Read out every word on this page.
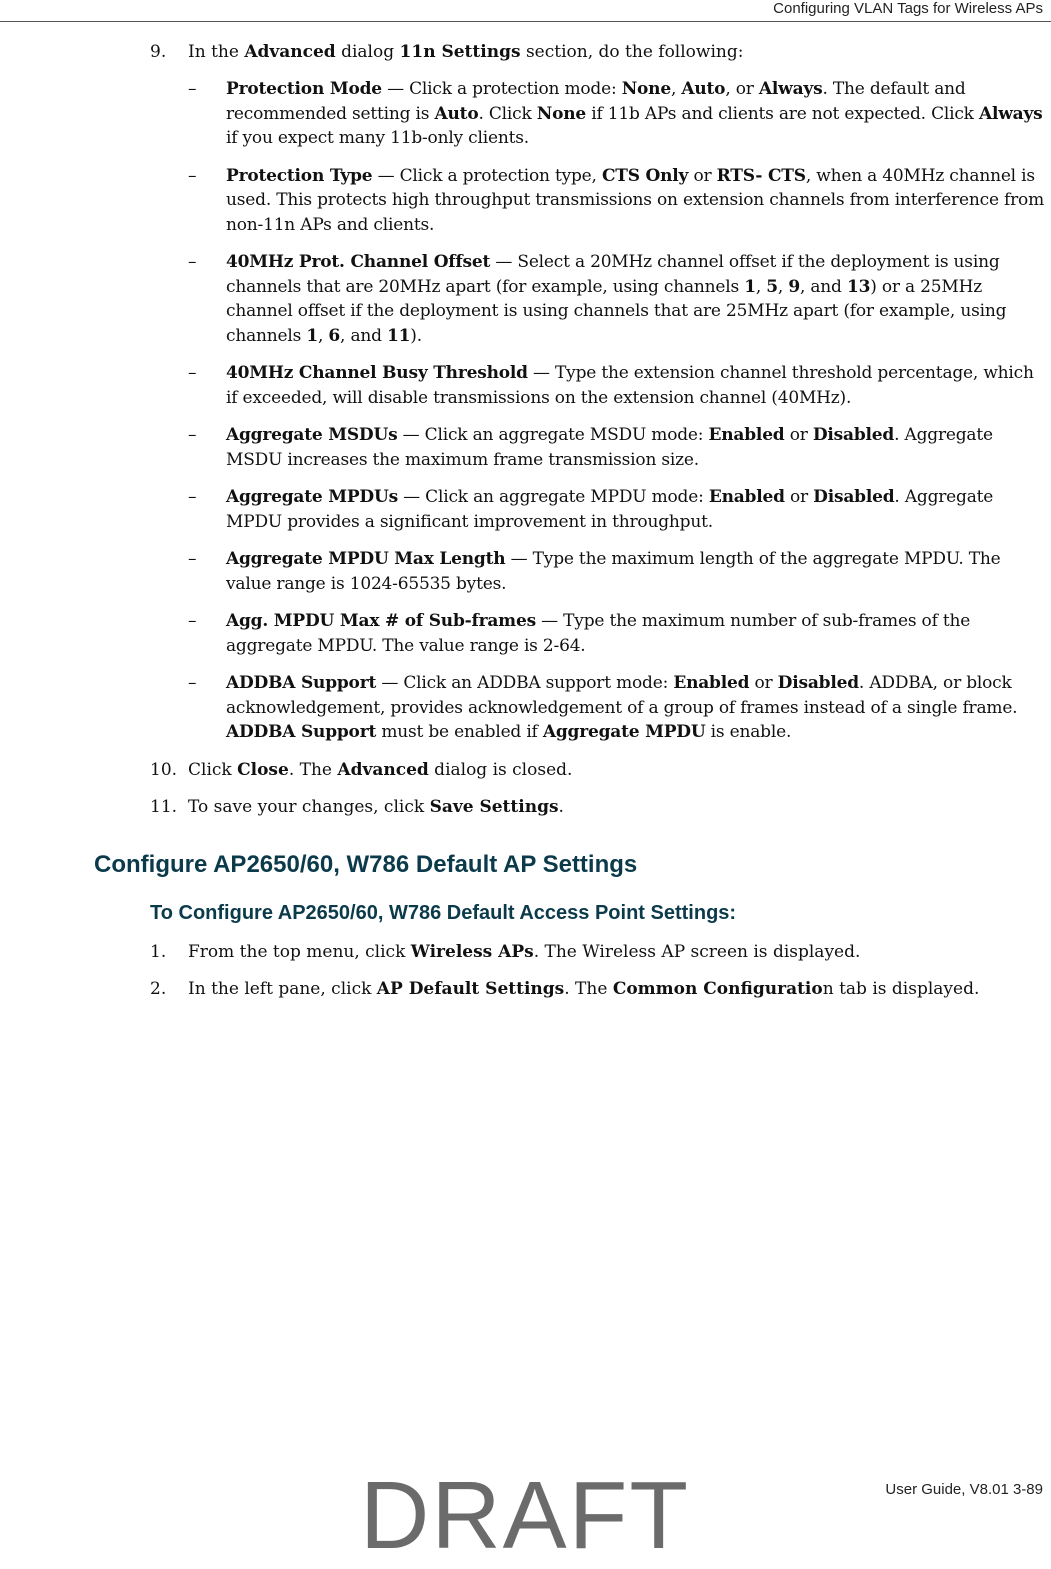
Configuring VLAN Tags for Wireless APs
9. In the Advanced dialog 11n Settings section, do the following:
– Protection Mode — Click a protection mode: None, Auto, or Always. The default and recommended setting is Auto. Click None if 11b APs and clients are not expected. Click Always if you expect many 11b-only clients.
– Protection Type — Click a protection type, CTS Only or RTS- CTS, when a 40MHz channel is used. This protects high throughput transmissions on extension channels from interference from non-11n APs and clients.
– 40MHz Prot. Channel Offset — Select a 20MHz channel offset if the deployment is using channels that are 20MHz apart (for example, using channels 1, 5, 9, and 13) or a 25MHz channel offset if the deployment is using channels that are 25MHz apart (for example, using channels 1, 6, and 11).
– 40MHz Channel Busy Threshold — Type the extension channel threshold percentage, which if exceeded, will disable transmissions on the extension channel (40MHz).
– Aggregate MSDUs — Click an aggregate MSDU mode: Enabled or Disabled. Aggregate MSDU increases the maximum frame transmission size.
– Aggregate MPDUs — Click an aggregate MPDU mode: Enabled or Disabled. Aggregate MPDU provides a significant improvement in throughput.
– Aggregate MPDU Max Length — Type the maximum length of the aggregate MPDU. The value range is 1024-65535 bytes.
– Agg. MPDU Max # of Sub-frames — Type the maximum number of sub-frames of the aggregate MPDU. The value range is 2-64.
– ADDBA Support — Click an ADDBA support mode: Enabled or Disabled. ADDBA, or block acknowledgement, provides acknowledgement of a group of frames instead of a single frame. ADDBA Support must be enabled if Aggregate MPDU is enable.
10. Click Close. The Advanced dialog is closed.
11. To save your changes, click Save Settings.
Configure AP2650/60, W786 Default AP Settings
To Configure AP2650/60, W786 Default Access Point Settings:
1. From the top menu, click Wireless APs. The Wireless AP screen is displayed.
2. In the left pane, click AP Default Settings. The Common Configuration tab is displayed.
DRAFT	User Guide, V8.01 3-89
